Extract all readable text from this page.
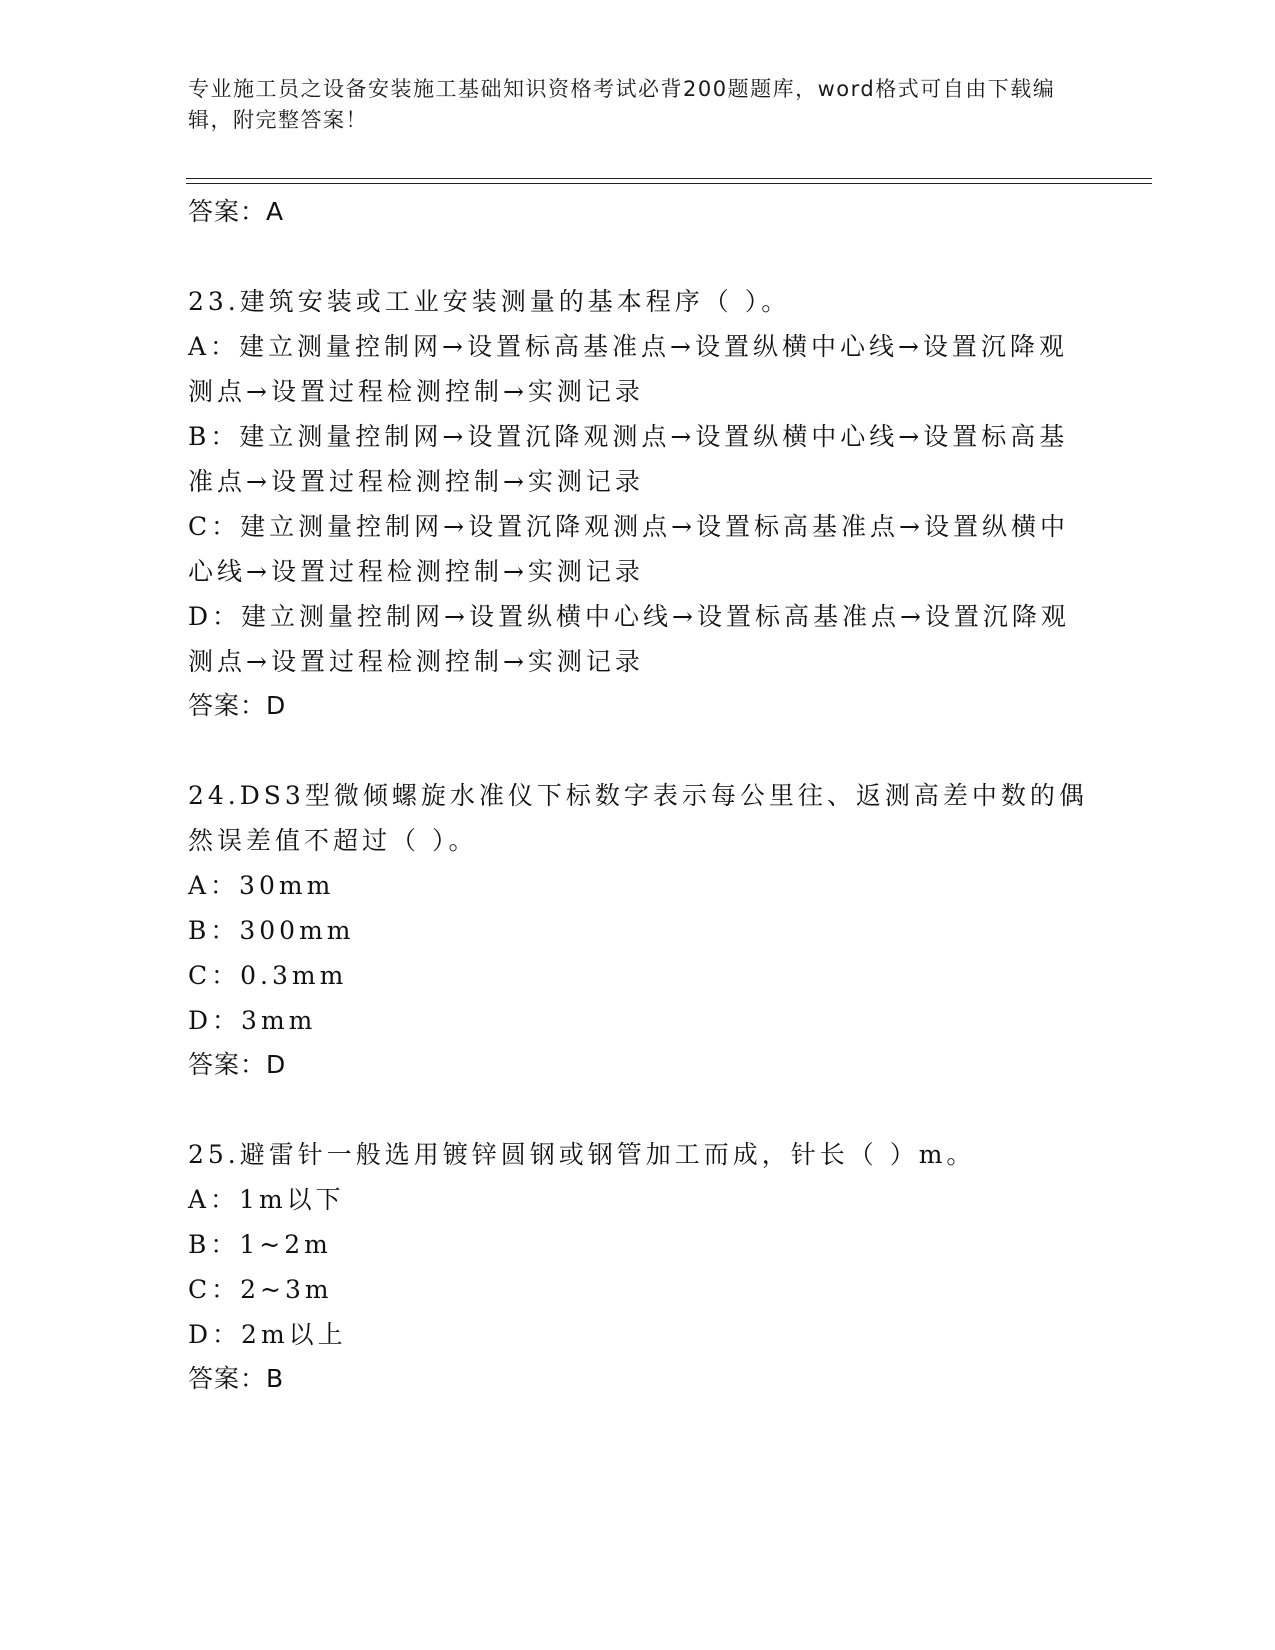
专业施工员之设备安装施工基础知识资格考试必背200题题库，word格式可自由下载编辑，附完整答案！

答案：A

23.建筑安装或工业安装测量的基本程序（ ）。

A：建立测量控制网→设置标高基准点→设置纵横中心线→设置沉降观测点→设置过程检测控制→实测记录

B：建立测量控制网→设置沉降观测点→设置纵横中心线→设置标高基准点→设置过程检测控制→实测记录

C：建立测量控制网→设置沉降观测点→设置标高基准点→设置纵横中心线→设置过程检测控制→实测记录

D：建立测量控制网→设置纵横中心线→设置标高基准点→设置沉降观测点→设置过程检测控制→实测记录

答案：D

24.DS3型微倾螺旋水准仪下标数字表示每公里往、返测高差中数的偶然误差值不超过（ ）。

A：30mm

B：300mm

C：0.3mm

D：3mm

答案：D

25.避雷针一般选用镀锌圆钢或钢管加工而成，针长（ ）m。

A：1m以下

B：1~2m

C：2~3m

D：2m以上

答案：B
